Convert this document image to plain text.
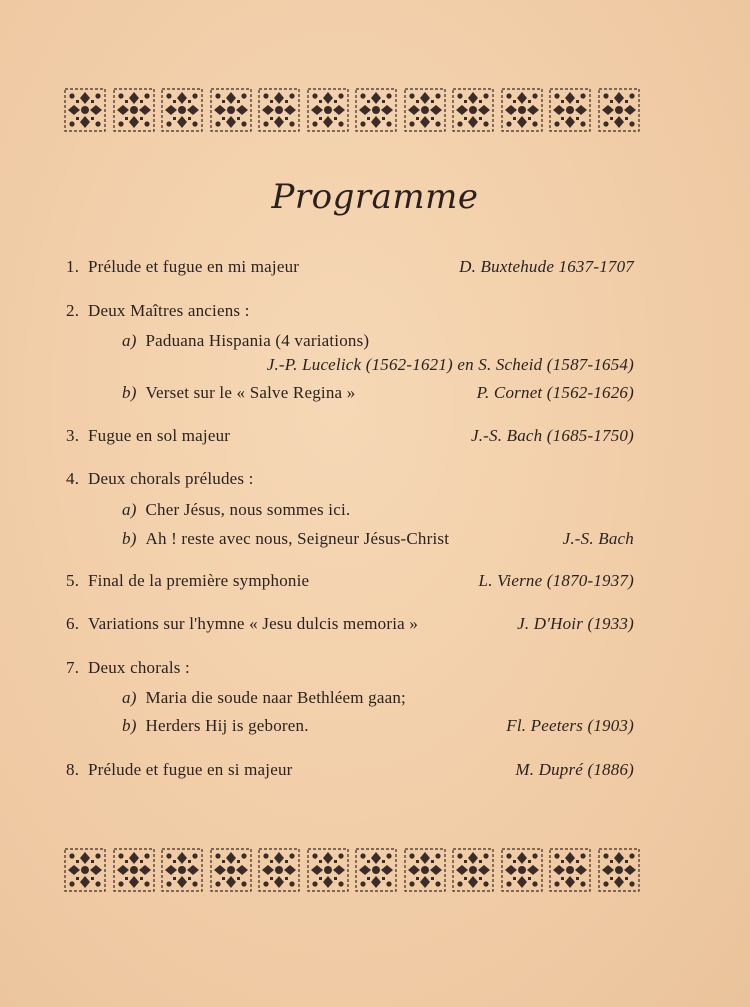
Programme
1. Prélude et fugue en mi majeur	D. Buxtehude 1637-1707
2. Deux Maîtres anciens :
a) Paduana Hispania (4 variations)
J.-P. Lucelick (1562-1621) en S. Scheid (1587-1654)
b) Verset sur le « Salve Regina »	P. Cornet (1562-1626)
3. Fugue en sol majeur	J.-S. Bach (1685-1750)
4. Deux chorals préludes :
a) Cher Jésus, nous sommes ici.
b) Ah ! reste avec nous, Seigneur Jésus-Christ	J.-S. Bach
5. Final de la première symphonie	L. Vierne (1870-1937)
6. Variations sur l'hymne « Jesu dulcis memoria »	J. D'Hoir (1933)
7. Deux chorals :
a) Maria die soude naar Bethléem gaan;
b) Herders Hij is geboren.	Fl. Peeters (1903)
8. Prélude et fugue en si majeur	M. Dupré (1886)
